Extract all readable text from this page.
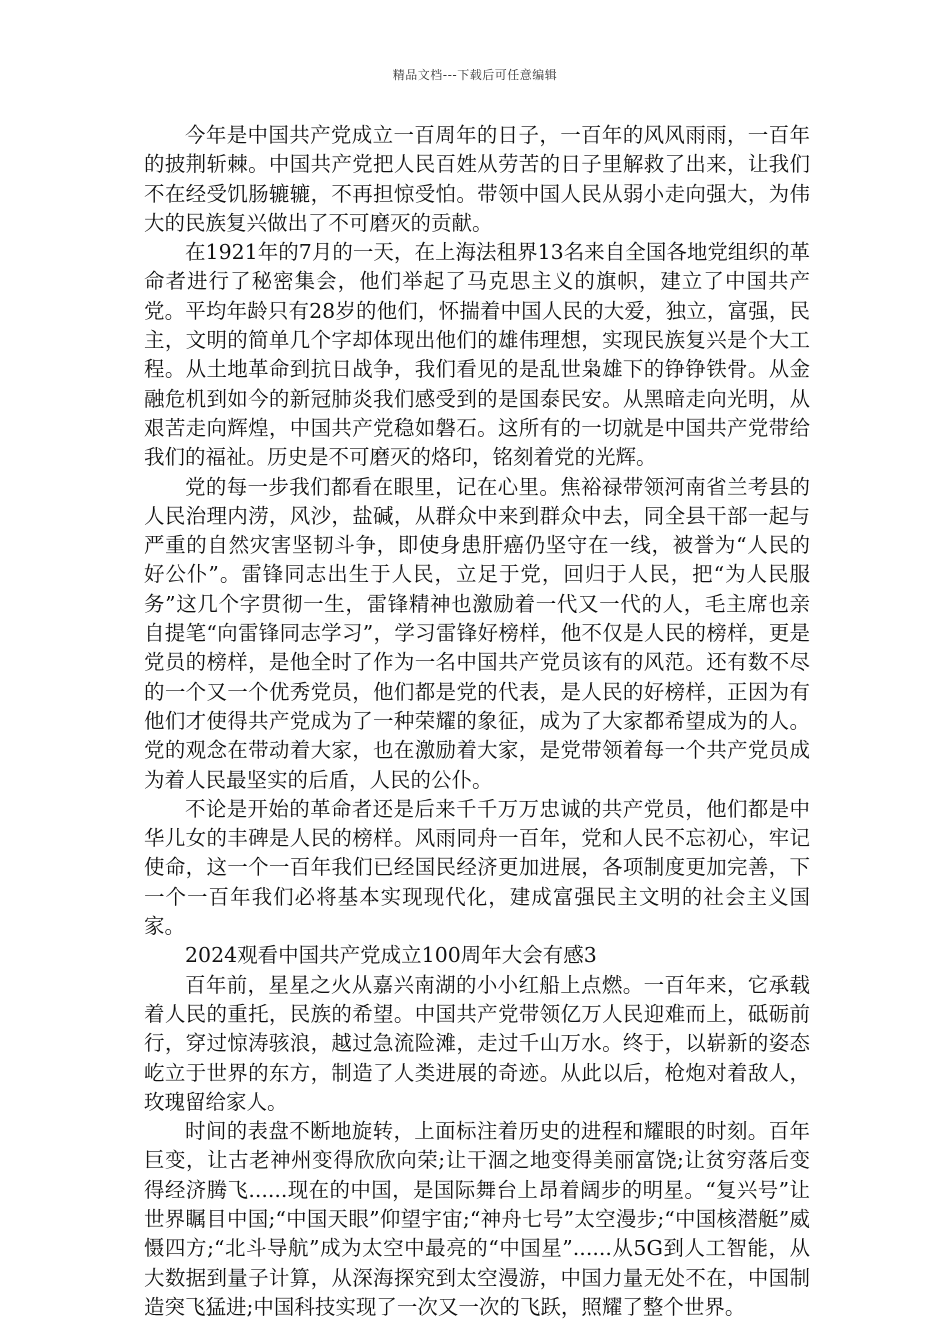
精品文档---下载后可任意编辑

今年是中国共产党成立一百周年的日子，一百年的风风雨雨，一百年的披荆斩棘。中国共产党把人民百姓从劳苦的日子里解救了出来，让我们不在经受饥肠辘辘，不再担惊受怕。带领中国人民从弱小走向强大，为伟大的民族复兴做出了不可磨灭的贡献。

在1921年的7月的一天，在上海法租界13名来自全国各地党组织的革命者进行了秘密集会，他们举起了马克思主义的旗帜，建立了中国共产党。平均年龄只有28岁的他们，怀揣着中国人民的大爱，独立，富强，民主，文明的简单几个字却体现出他们的雄伟理想，实现民族复兴是个大工程。从土地革命到抗日战争，我们看见的是乱世枭雄下的铮铮铁骨。从金融危机到如今的新冠肺炎我们感受到的是国泰民安。从黑暗走向光明，从艰苦走向辉煌，中国共产党稳如磐石。这所有的一切就是中国共产党带给我们的福祉。历史是不可磨灭的烙印，铭刻着党的光辉。

党的每一步我们都看在眼里，记在心里。焦裕禄带领河南省兰考县的人民治理内涝，风沙，盐碱，从群众中来到群众中去，同全县干部一起与严重的自然灾害坚韧斗争，即使身患肝癌仍坚守在一线，被誉为“人民的好公仆”。雷锋同志出生于人民，立足于党，回归于人民，把“为人民服务”这几个字贯彻一生，雷锋精神也激励着一代又一代的人，毛主席也亲自提笔“向雷锋同志学习”，学习雷锋好榜样，他不仅是人民的榜样，更是党员的榜样，是他全时了作为一名中国共产党员该有的风范。还有数不尽的一个又一个优秀党员，他们都是党的代表，是人民的好榜样，正因为有他们才使得共产党成为了一种荣耀的象征，成为了大家都希望成为的人。党的观念在带动着大家，也在激励着大家，是党带领着每一个共产党员成为着人民最坚实的后盾，人民的公仆。

不论是开始的革命者还是后来千千万万忠诚的共产党员，他们都是中华儿女的丰碑是人民的榜样。风雨同舟一百年，党和人民不忘初心，牢记使命，这一个一百年我们已经国民经济更加进展，各项制度更加完善，下一个一百年我们必将基本实现现代化，建成富强民主文明的社会主义国家。

2024观看中国共产党成立100周年大会有感3

百年前，星星之火从嘉兴南湖的小小红船上点燃。一百年来，它承载着人民的重托，民族的希望。中国共产党带领亿万人民迎难而上，砥砺前行，穿过惊涛骇浪，越过急流险滩，走过千山万水。终于，以崭新的姿态屹立于世界的东方，制造了人类进展的奇迹。从此以后，枪炮对着敌人，玫瑰留给家人。

时间的表盘不断地旋转，上面标注着历史的进程和耀眼的时刻。百年巨变，让古老神州变得欣欣向荣;让干涸之地变得美丽富饶;让贫穷落后变得经济腾飞......现在的中国，是国际舞台上昂着阔步的明星。“复兴号”让世界瞩目中国;“中国天眼”仰望宇宙;“神舟七号”太空漫步;“中国核潜艇”威慑四方;“北斗导航”成为太空中最亮的“中国星”......从5G到人工智能，从大数据到量子计算，从深海探究到太空漫游，中国力量无处不在，中国制造突飞猛进;中国科技实现了一次又一次的飞跃，照耀了整个世界。
